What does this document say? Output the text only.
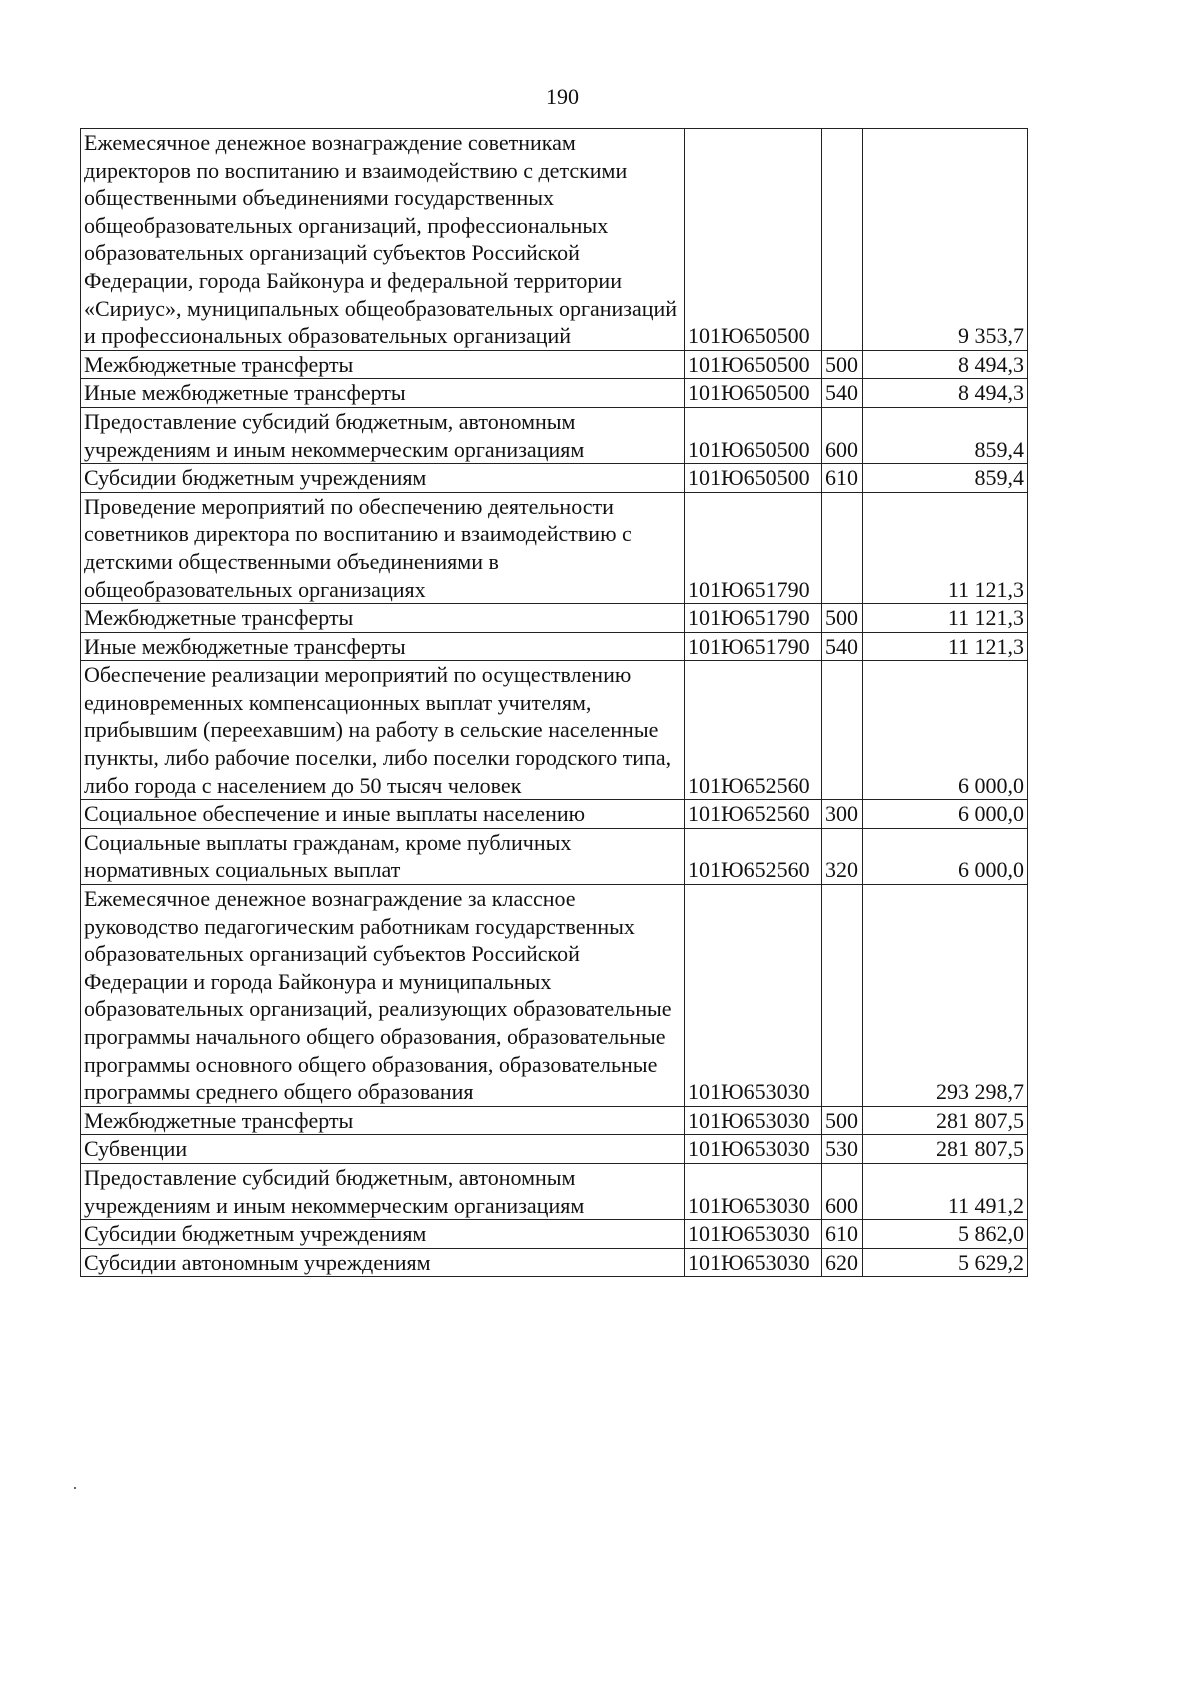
190
Ежемесячное денежное вознаграждение советникам директоров по воспитанию и взаимодействию с детскими общественными объединениями государственных общеобразовательных организаций, профессиональных образовательных организаций субъектов Российской Федерации, города Байконура и федеральной территории «Сириус», муниципальных общеобразовательных организаций и профессиональных образовательных организаций	101Ю650500		9 353,7
Межбюджетные трансферты	101Ю650500	500	8 494,3
Иные межбюджетные трансферты	101Ю650500	540	8 494,3
Предоставление субсидий бюджетным, автономным учреждениям и иным некоммерческим организациям	101Ю650500	600	859,4
Субсидии бюджетным учреждениям	101Ю650500	610	859,4
Проведение мероприятий по обеспечению деятельности советников директора по воспитанию и взаимодействию с детскими общественными объединениями в общеобразовательных организациях	101Ю651790		11 121,3
Межбюджетные трансферты	101Ю651790	500	11 121,3
Иные межбюджетные трансферты	101Ю651790	540	11 121,3
Обеспечение реализации мероприятий по осуществлению единовременных компенсационных выплат учителям, прибывшим (переехавшим) на работу в сельские населенные пункты, либо рабочие поселки, либо поселки городского типа, либо города с населением до 50 тысяч человек	101Ю652560		6 000,0
Социальное обеспечение и иные выплаты населению	101Ю652560	300	6 000,0
Социальные выплаты гражданам, кроме публичных нормативных социальных выплат	101Ю652560	320	6 000,0
Ежемесячное денежное вознаграждение за классное руководство педагогическим работникам государственных образовательных организаций субъектов Российской Федерации и города Байконура и муниципальных образовательных организаций, реализующих образовательные программы начального общего образования, образовательные программы основного общего образования, образовательные программы среднего общего образования	101Ю653030		293 298,7
Межбюджетные трансферты	101Ю653030	500	281 807,5
Субвенции	101Ю653030	530	281 807,5
Предоставление субсидий бюджетным, автономным учреждениям и иным некоммерческим организациям	101Ю653030	600	11 491,2
Субсидии бюджетным учреждениям	101Ю653030	610	5 862,0
Субсидии автономным учреждениям	101Ю653030	620	5 629,2
